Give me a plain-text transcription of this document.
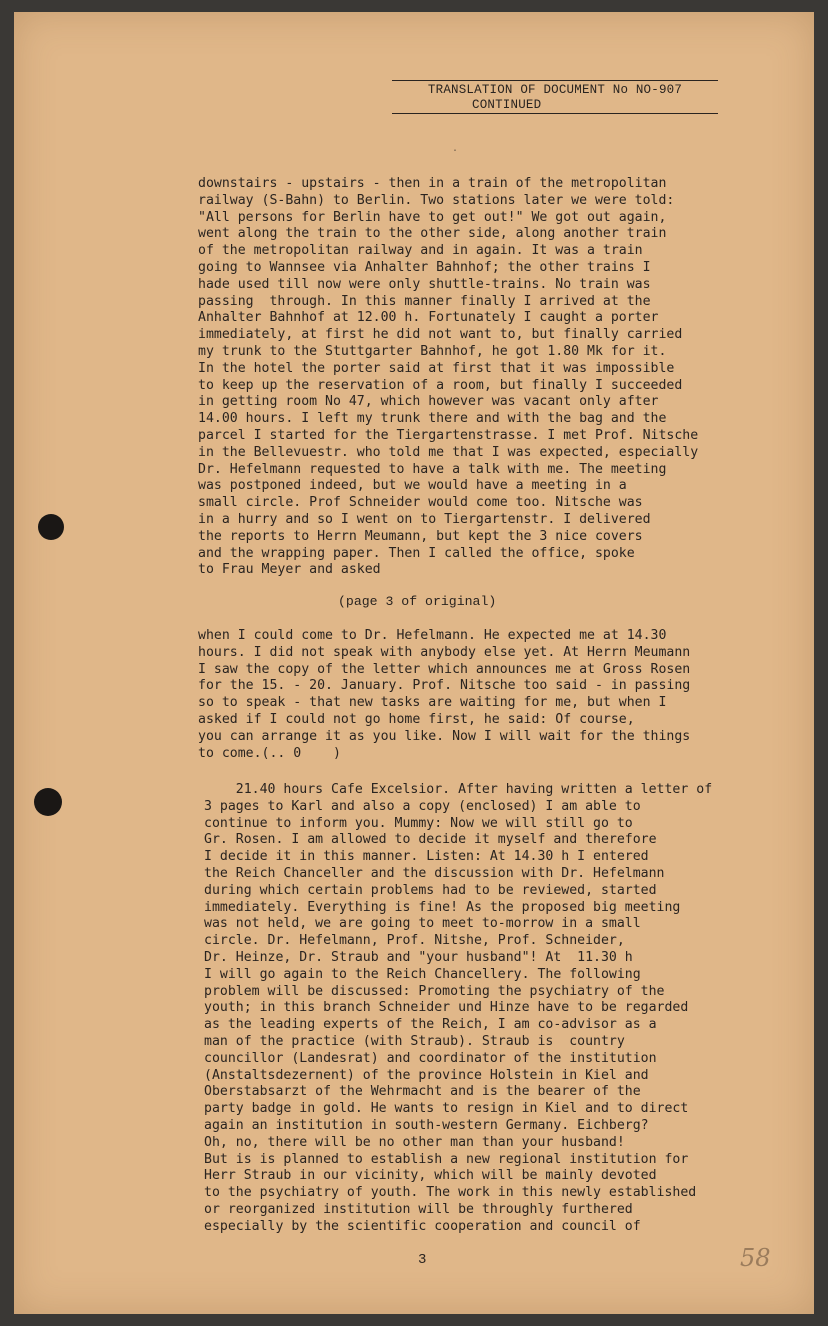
TRANSLATION OF DOCUMENT No NO-907
CONTINUED
·
downstairs - upstairs - then in a train of the metropolitan
railway (S-Bahn) to Berlin. Two stations later we were told:
"All persons for Berlin have to get out!" We got out again,
went along the train to the other side, along another train
of the metropolitan railway and in again. It was a train
going to Wannsee via Anhalter Bahnhof; the other trains I
hade used till now were only shuttle-trains. No train was
passing  through. In this manner finally I arrived at the
Anhalter Bahnhof at 12.00 h. Fortunately I caught a porter
immediately, at first he did not want to, but finally carried
my trunk to the Stuttgarter Bahnhof, he got 1.80 Mk for it.
In the hotel the porter said at first that it was impossible
to keep up the reservation of a room, but finally I succeeded
in getting room No 47, which however was vacant only after
14.00 hours. I left my trunk there and with the bag and the
parcel I started for the Tiergartenstrasse. I met Prof. Nitsche
in the Bellevuestr. who told me that I was expected, especially
Dr. Hefelmann requested to have a talk with me. The meeting
was postponed indeed, but we would have a meeting in a
small circle. Prof Schneider would come too. Nitsche was
in a hurry and so I went on to Tiergartenstr. I delivered
the reports to Herrn Meumann, but kept the 3 nice covers
and the wrapping paper. Then I called the office, spoke
to Frau Meyer and asked
(page 3 of original)
when I could come to Dr. Hefelmann. He expected me at 14.30
hours. I did not speak with anybody else yet. At Herrn Meumann
I saw the copy of the letter which announces me at Gross Rosen
for the 15. - 20. January. Prof. Nitsche too said - in passing
so to speak - that new tasks are waiting for me, but when I
asked if I could not go home first, he said: Of course,
you can arrange it as you like. Now I will wait for the things
to come.(.. 0    )
21.40 hours Cafe Excelsior. After having written a letter of
3 pages to Karl and also a copy (enclosed) I am able to
continue to inform you. Mummy: Now we will still go to
Gr. Rosen. I am allowed to decide it myself and therefore
I decide it in this manner. Listen: At 14.30 h I entered
the Reich Chanceller and the discussion with Dr. Hefelmann
during which certain problems had to be reviewed, started
immediately. Everything is fine! As the proposed big meeting
was not held, we are going to meet to-morrow in a small
circle. Dr. Hefelmann, Prof. Nitshe, Prof. Schneider,
Dr. Heinze, Dr. Straub and "your husband"! At  11.30 h
I will go again to the Reich Chancellery. The following
problem will be discussed: Promoting the psychiatry of the
youth; in this branch Schneider und Hinze have to be regarded
as the leading experts of the Reich, I am co-advisor as a
man of the practice (with Straub). Straub is  country
councillor (Landesrat) and coordinator of the institution
(Anstaltsdezernent) of the province Holstein in Kiel and
Oberstabsarzt of the Wehrmacht and is the bearer of the
party badge in gold. He wants to resign in Kiel and to direct
again an institution in south-western Germany. Eichberg?
Oh, no, there will be no other man than your husband!
But is is planned to establish a new regional institution for
Herr Straub in our vicinity, which will be mainly devoted
to the psychiatry of youth. The work in this newly established
or reorganized institution will be throughly furthered
especially by the scientific cooperation and council of
3	58
